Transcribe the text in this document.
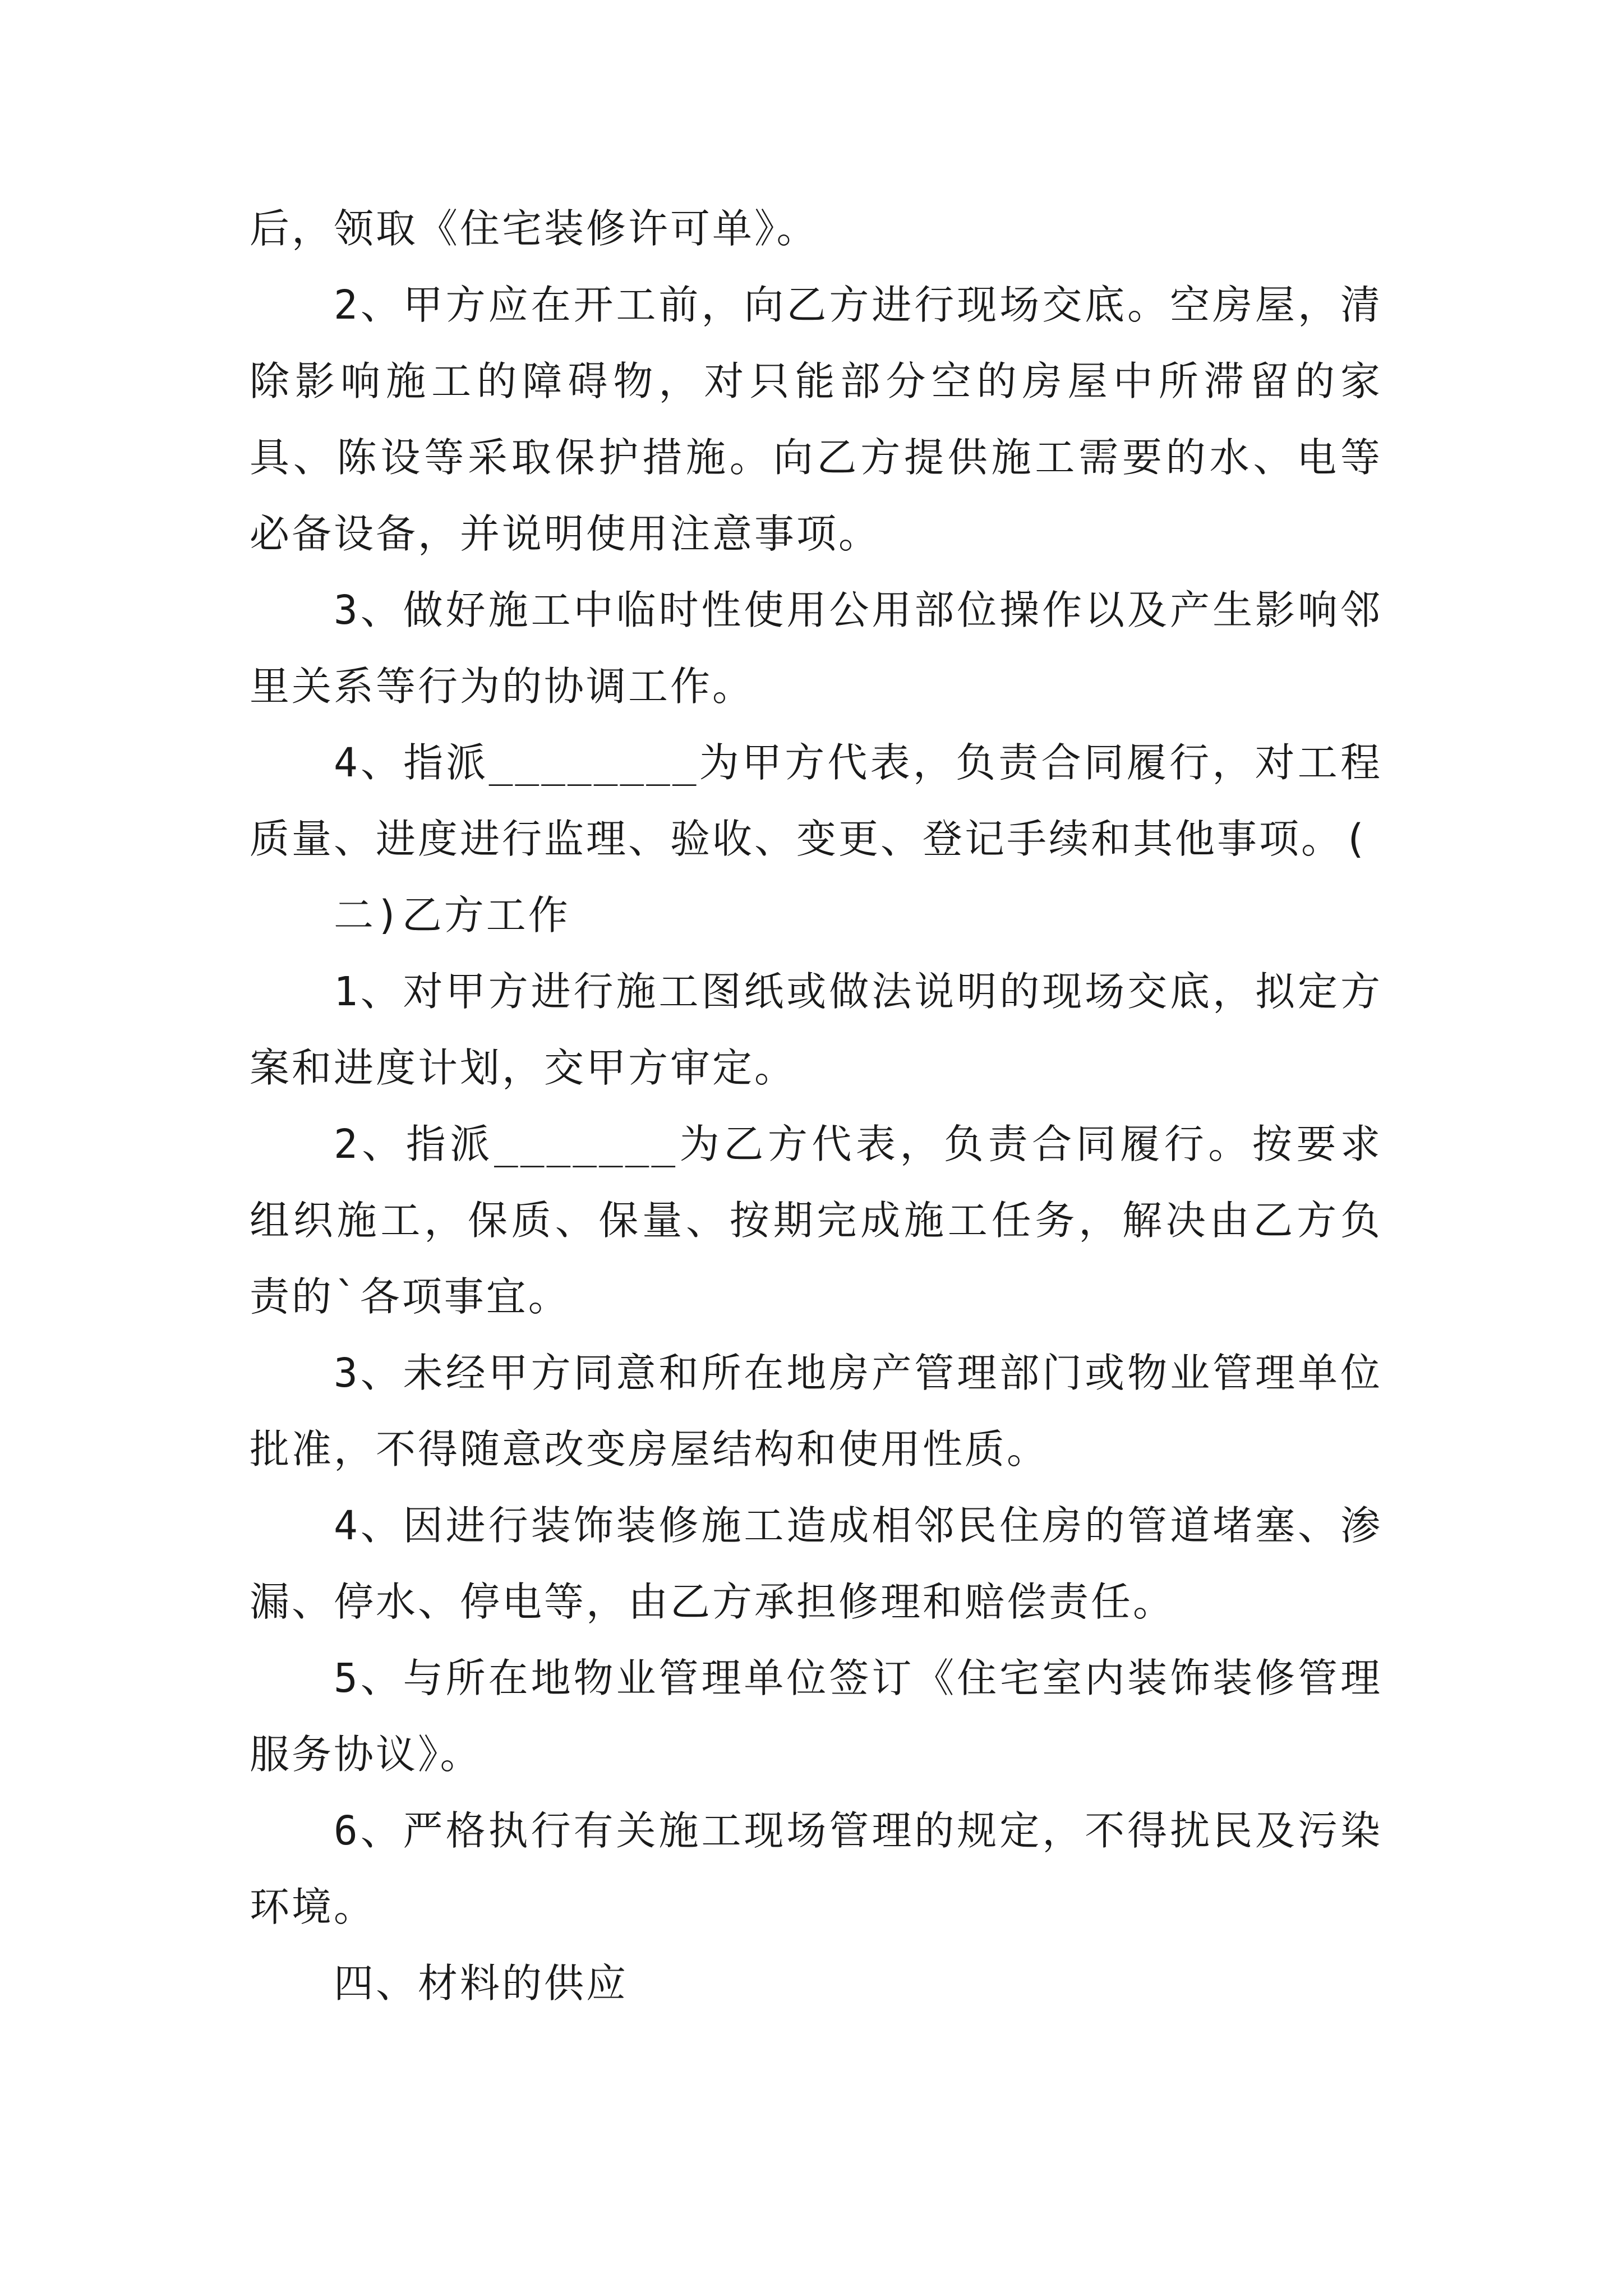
后，领取《住宅装修许可单》。

2、甲方应在开工前，向乙方进行现场交底。空房屋，清除影响施工的障碍物，对只能部分空的房屋中所滞留的家具、陈设等采取保护措施。向乙方提供施工需要的水、电等必备设备，并说明使用注意事项。

3、做好施工中临时性使用公用部位操作以及产生影响邻里关系等行为的协调工作。

4、指派________为甲方代表，负责合同履行，对工程质量、进度进行监理、验收、变更、登记手续和其他事项。(

二)乙方工作

1、对甲方进行施工图纸或做法说明的现场交底，拟定方案和进度计划，交甲方审定。

2、指派_______为乙方代表，负责合同履行。按要求组织施工，保质、保量、按期完成施工任务，解决由乙方负责的`各项事宜。

3、未经甲方同意和所在地房产管理部门或物业管理单位批准，不得随意改变房屋结构和使用性质。

4、因进行装饰装修施工造成相邻民住房的管道堵塞、渗漏、停水、停电等，由乙方承担修理和赔偿责任。

5、与所在地物业管理单位签订《住宅室内装饰装修管理服务协议》。

6、严格执行有关施工现场管理的规定，不得扰民及污染环境。

四、材料的供应
